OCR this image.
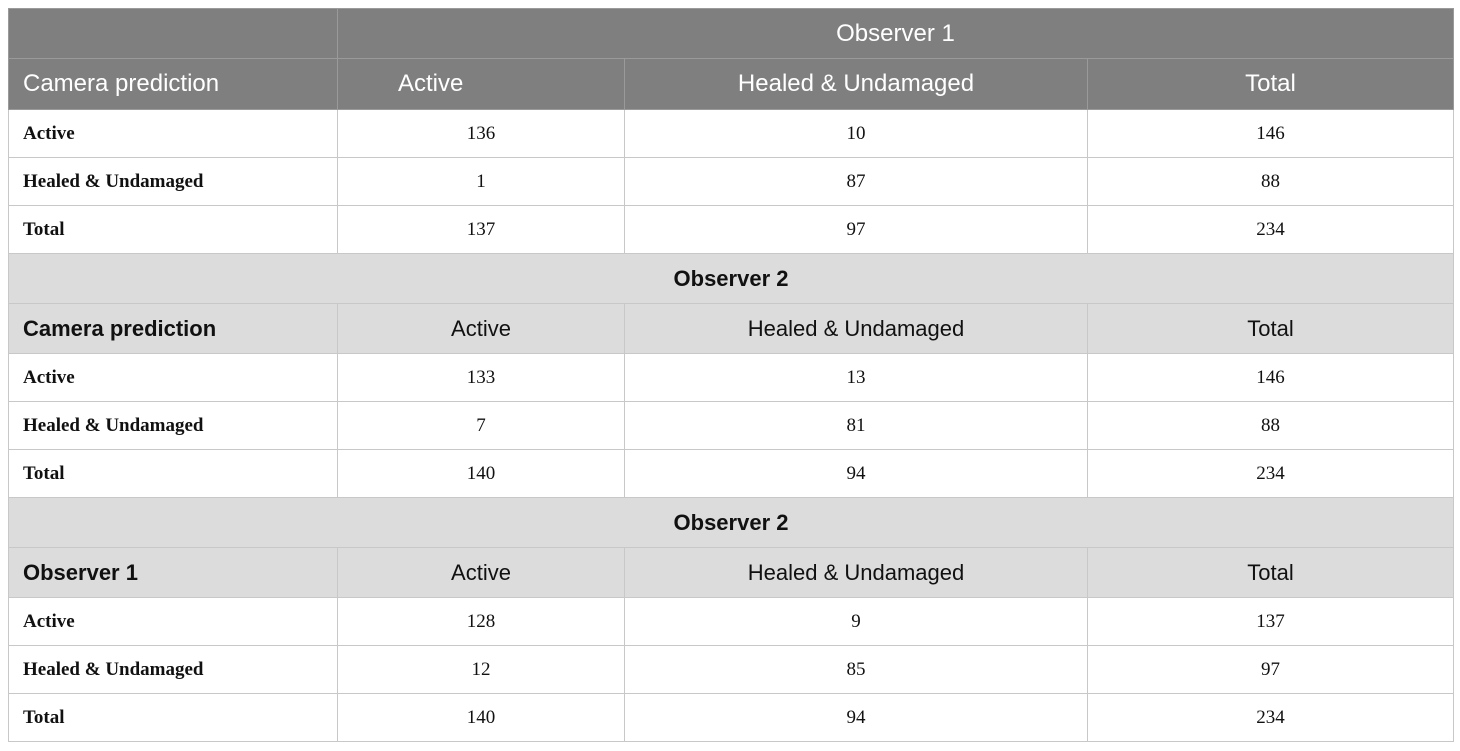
	Observer 1		
Camera prediction	Active	Healed & Undamaged	Total
Active	136	10	146
Healed & Undamaged	1	87	88
Total	137	97	234
Observer 2			
Camera prediction	Active	Healed & Undamaged	Total
Active	133	13	146
Healed & Undamaged	7	81	88
Total	140	94	234
Observer 2			
Observer 1	Active	Healed & Undamaged	Total
Active	128	9	137
Healed & Undamaged	12	85	97
Total	140	94	234
